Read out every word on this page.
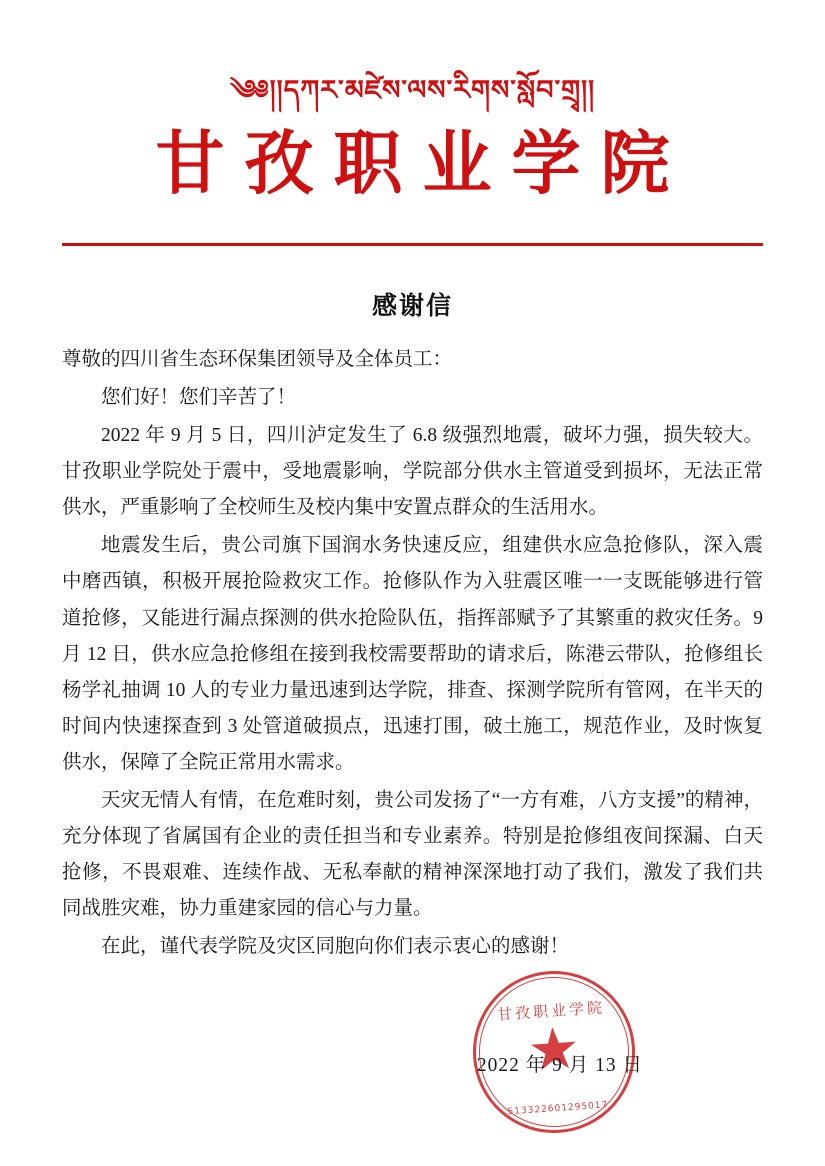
༄༅།།དཀར་མཛེས་ལས་རིགས་སློབ་གྲྭ།།
甘孜职业学院
感谢信

尊敬的四川省生态环保集团领导及全体员工：

您们好！您们辛苦了！

2022 年 9 月 5 日，四川泸定发生了 6.8 级强烈地震，破坏力强，损失较大。甘孜职业学院处于震中，受地震影响，学院部分供水主管道受到损坏，无法正常供水，严重影响了全校师生及校内集中安置点群众的生活用水。

地震发生后，贵公司旗下国润水务快速反应，组建供水应急抢修队，深入震中磨西镇，积极开展抢险救灾工作。抢修队作为入驻震区唯一一支既能够进行管道抢修，又能进行漏点探测的供水抢险队伍，指挥部赋予了其繁重的救灾任务。9 月 12 日，供水应急抢修组在接到我校需要帮助的请求后，陈港云带队，抢修组长杨学礼抽调 10 人的专业力量迅速到达学院，排查、探测学院所有管网，在半天的时间内快速探查到 3 处管道破损点，迅速打围，破土施工，规范作业，及时恢复供水，保障了全院正常用水需求。

天灾无情人有情，在危难时刻，贵公司发扬了“一方有难，八方支援”的精神，充分体现了省属国有企业的责任担当和专业素养。特别是抢修组夜间探漏、白天抢修，不畏艰难、连续作战、无私奉献的精神深深地打动了我们，激发了我们共同战胜灾难，协力重建家园的信心与力量。

在此，谨代表学院及灾区同胞向你们表示衷心的感谢！

甘孜职业学院
513322601295017
2022 年 9 月 13 日
